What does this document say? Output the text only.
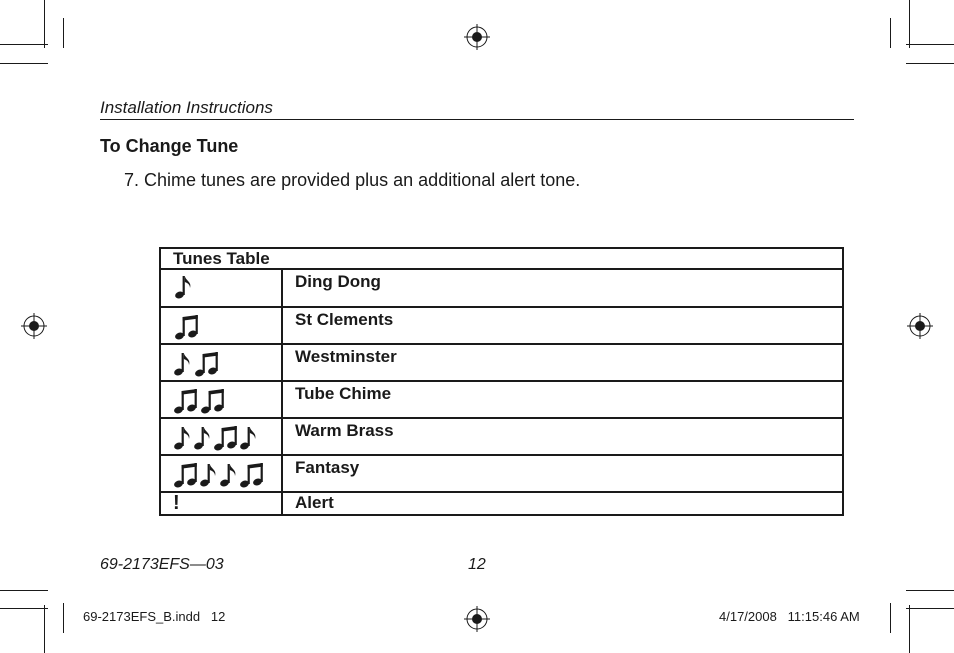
Installation Instructions
To Change Tune
7. Chime tunes are provided plus an additional alert tone.
Tunes Table	

	Ding Dong

	St Clements

	Westminster

	Tube Chime

	Warm Brass

	Fantasy
!	Alert
69-2173EFS—03	12
69-2173EFS_B.indd   12	4/17/2008   11:15:46 AM
